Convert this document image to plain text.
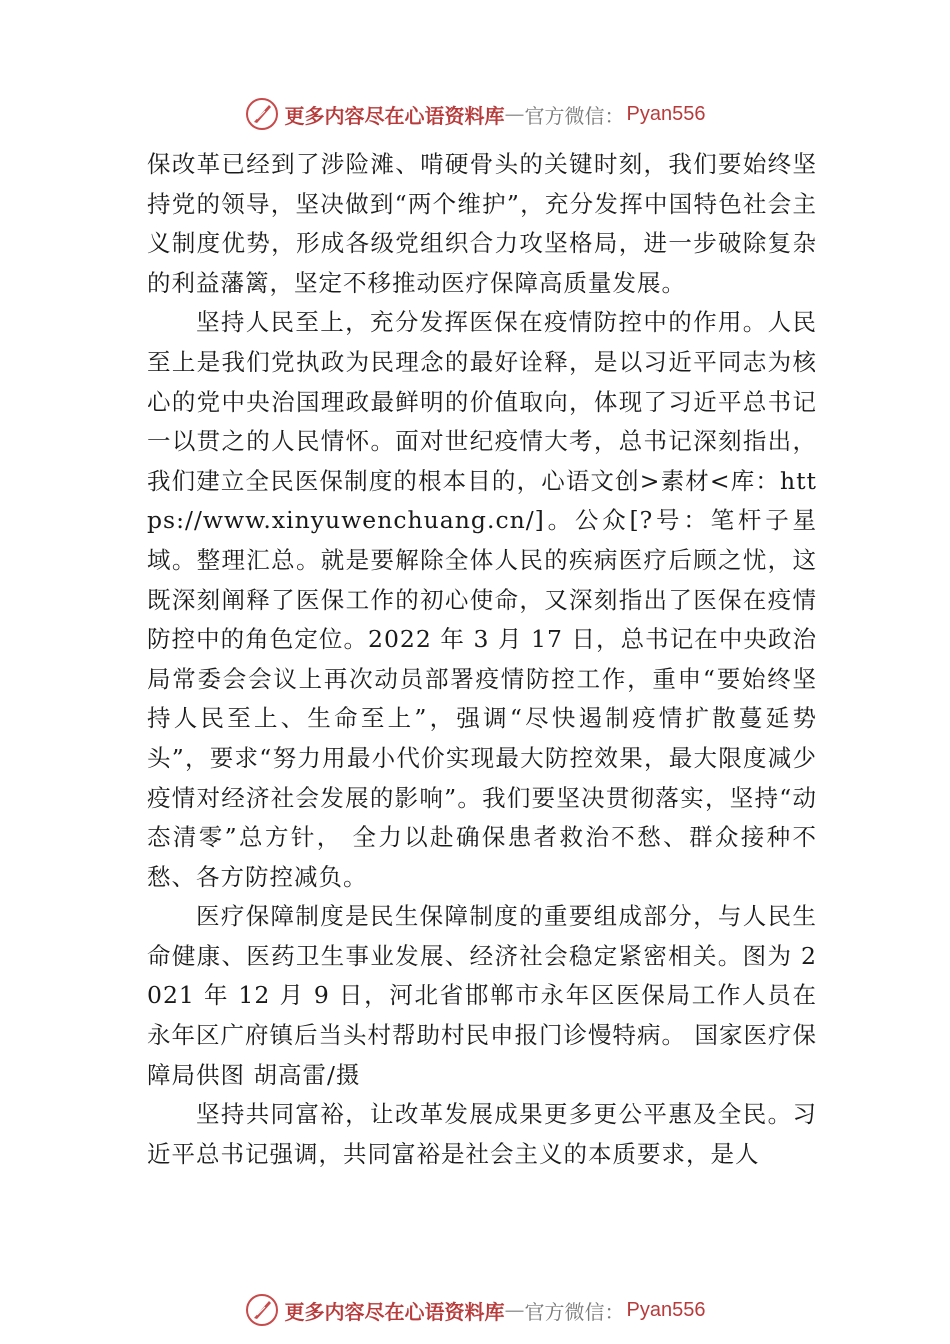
更多内容尽在心语资料库 — 官方微信： Pyan556

保改革已经到了涉险滩、啃硬骨头的关键时刻，我们要始终坚持党的领导，坚决做到“两个维护”，充分发挥中国特色社会主义制度优势，形成各级党组织合力攻坚格局，进一步破除复杂的利益藩篱，坚定不移推动医疗保障高质量发展。

坚持人民至上，充分发挥医保在疫情防控中的作用。人民至上是我们党执政为民理念的最好诠释，是以习近平同志为核心的党中央治国理政最鲜明的价值取向，体现了习近平总书记一以贯之的人民情怀。面对世纪疫情大考，总书记深刻指出，我们建立全民医保制度的根本目的，心语文创>素材<库：https://www.xinyuwenchuang.cn/]。公众[?号：笔杆子星域。整理汇总。就是要解除全体人民的疾病医疗后顾之忧，这既深刻阐释了医保工作的初心使命，又深刻指出了医保在疫情防控中的角色定位。2022 年 3 月 17 日，总书记在中央政治局常委会会议上再次动员部署疫情防控工作，重申“要始终坚持人民至上、生命至上”，强调“尽快遏制疫情扩散蔓延势头”，要求“努力用最小代价实现最大防控效果，最大限度减少疫情对经济社会发展的影响”。我们要坚决贯彻落实，坚持“动态清零”总方针， 全力以赴确保患者救治不愁、群众接种不愁、各方防控减负。

医疗保障制度是民生保障制度的重要组成部分，与人民生命健康、医药卫生事业发展、经济社会稳定紧密相关。图为 2021 年 12 月 9 日，河北省邯郸市永年区医保局工作人员在永年区广府镇后当头村帮助村民申报门诊慢特病。 国家医疗保障局供图 胡高雷/摄

坚持共同富裕，让改革发展成果更多更公平惠及全民。习近平总书记强调，共同富裕是社会主义的本质要求，是人

更多内容尽在心语资料库 — 官方微信： Pyan556
